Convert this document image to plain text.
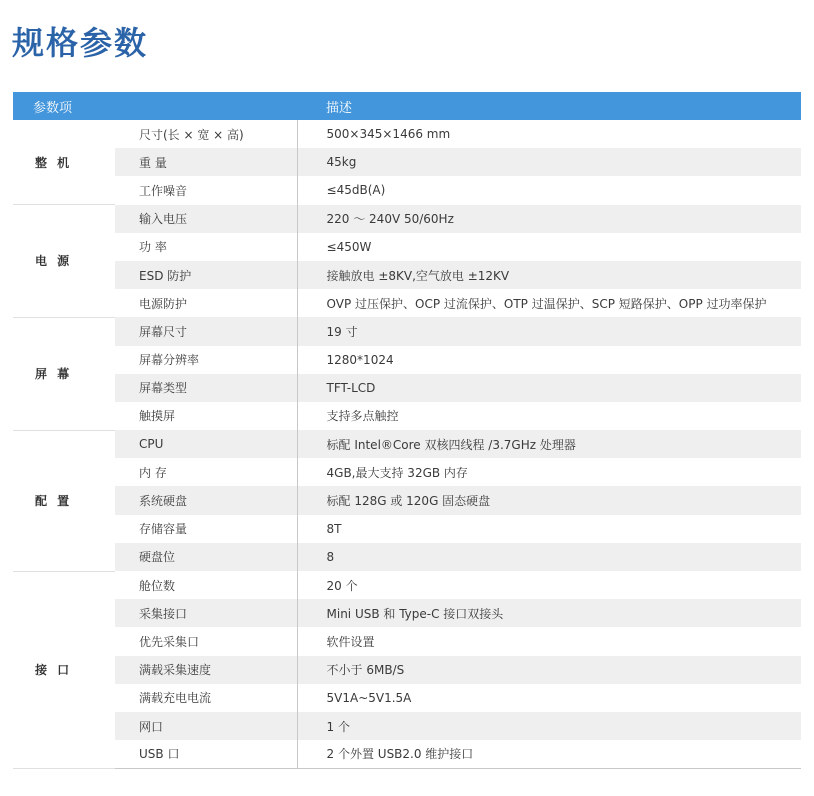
规格参数
参数项		描述
整 机	尺寸(长 × 宽 × 高)	500×345×1466 mm
	重 量	45kg
	工作噪音	≤45dB(A)
电 源	输入电压	220 ～ 240V 50/60Hz
	功 率	≤450W
	ESD 防护	接触放电 ±8KV,空气放电 ±12KV
	电源防护	OVP 过压保护、OCP 过流保护、OTP 过温保护、SCP 短路保护、OPP 过功率保护
屏 幕	屏幕尺寸	19 寸
	屏幕分辨率	1280*1024
	屏幕类型	TFT-LCD
	触摸屏	支持多点触控
配 置	CPU	标配 Intel®Core 双核四线程 /3.7GHz 处理器
	内 存	4GB,最大支持 32GB 内存
	系统硬盘	标配 128G 或 120G 固态硬盘
	存储容量	8T
	硬盘位	8
接 口	舱位数	20 个
	采集接口	Mini USB 和 Type-C 接口双接头
	优先采集口	软件设置
	满载采集速度	不小于 6MB/S
	满载充电电流	5V1A~5V1.5A
	网口	1 个
	USB 口	2 个外置 USB2.0 维护接口
